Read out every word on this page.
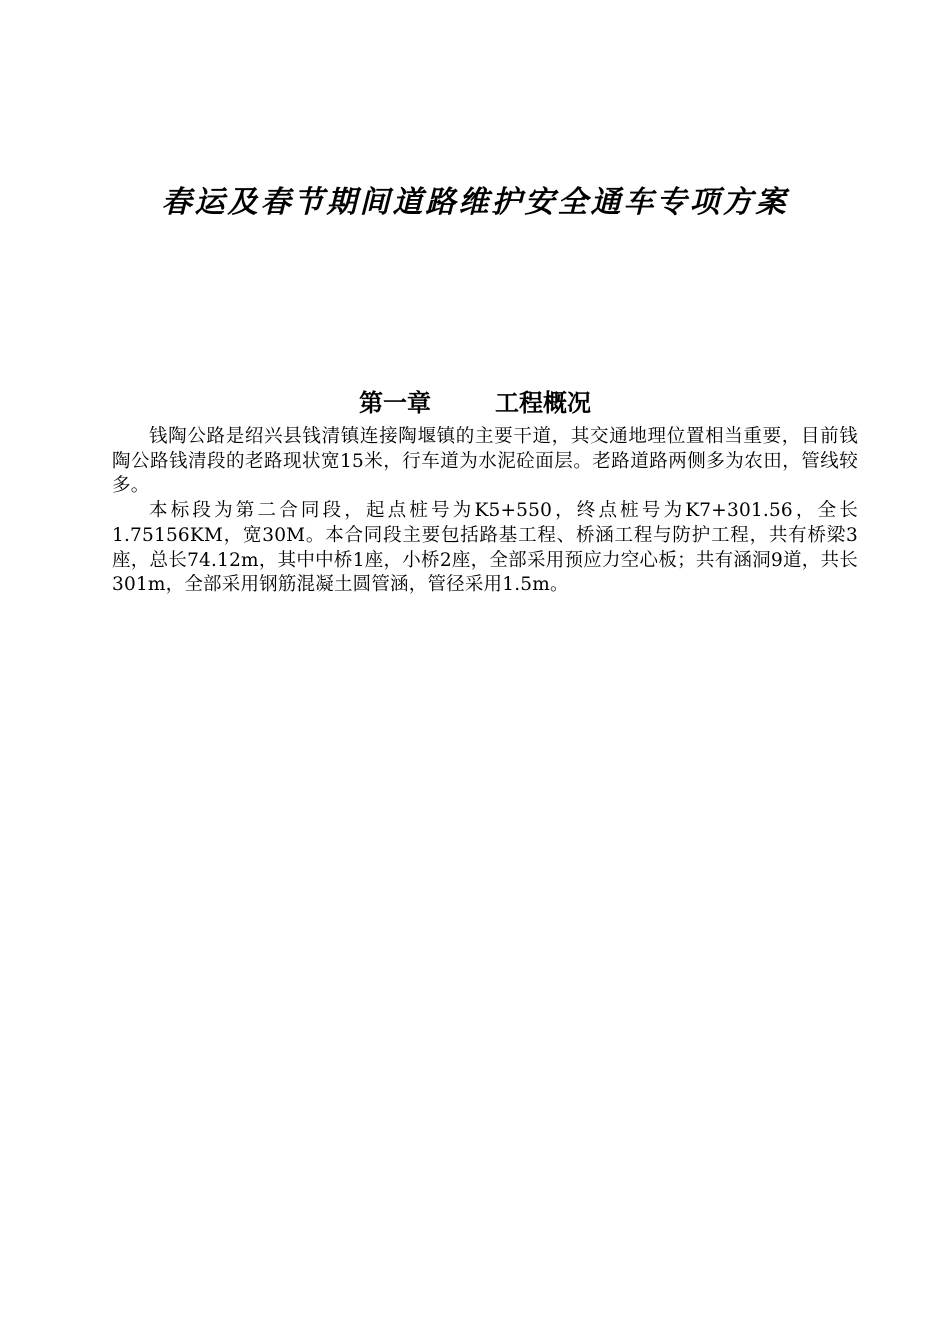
春运及春节期间道路维护安全通车专项方案
第一章	工程概况

钱陶公路是绍兴县钱清镇连接陶堰镇的主要干道，其交通地理位置相当重要，目前钱陶公路钱清段的老路现状宽15米，行车道为水泥砼面层。老路道路两侧多为农田，管线较多。

本标段为第二合同段，起点桩号为K5+550，终点桩号为K7+301.56，全长1.75156KM，宽30M。本合同段主要包括路基工程、桥涵工程与防护工程，共有桥梁3座，总长74.12m，其中中桥1座，小桥2座，全部采用预应力空心板；共有涵洞9道，共长301m，全部采用钢筋混凝土圆管涵，管径采用1.5m。
